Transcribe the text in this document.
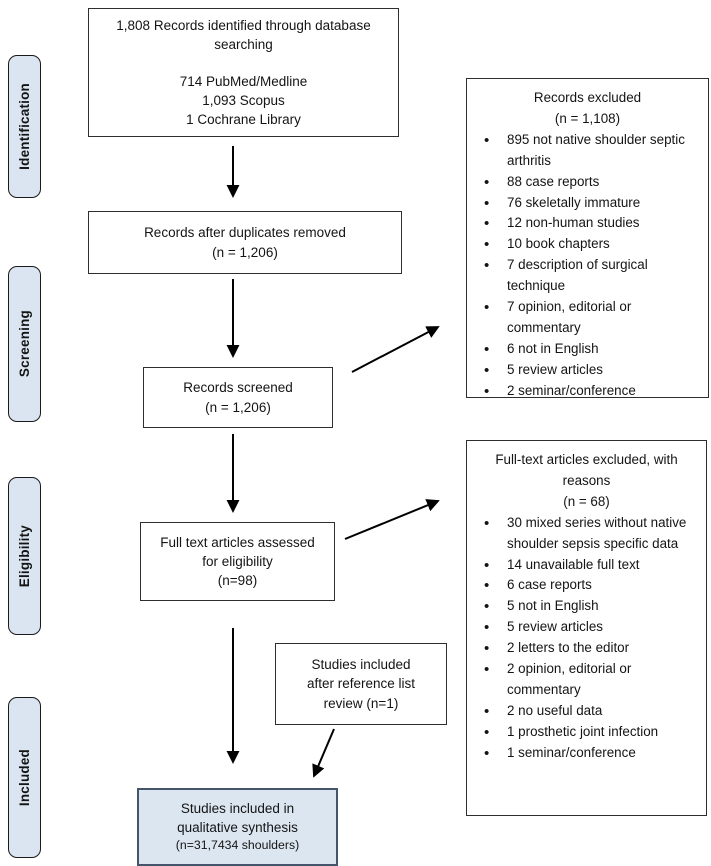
Identification
Screening
Eligibility
Included
1,808 Records identified through database searching
714 PubMed/Medline
1,093 Scopus
1 Cochrane Library
Records after duplicates removed
(n = 1,206)
Records screened
(n = 1,206)
Full text articles assessed
for eligibility
(n=98)
Studies included
after reference list
review (n=1)
Studies included in
qualitative synthesis
(n=31,7434 shoulders)
Records excluded
(n = 1,108)
• 895 not native shoulder septic arthritis
• 88 case reports
• 76 skeletally immature
• 12 non-human studies
• 10 book chapters
• 7 description of surgical technique
• 7 opinion, editorial or commentary
• 6 not in English
• 5 review articles
• 2 seminar/conference
Full-text articles excluded, with reasons
(n = 68)
• 30 mixed series without native shoulder sepsis specific data
• 14 unavailable full text
• 6 case reports
• 5 not in English
• 5 review articles
• 2 letters to the editor
• 2 opinion, editorial or commentary
• 2 no useful data
• 1 prosthetic joint infection
• 1 seminar/conference
